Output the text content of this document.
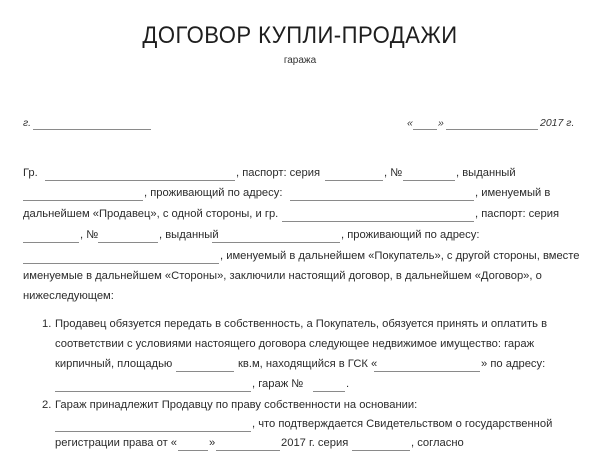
ДОГОВОР КУПЛИ-ПРОДАЖИ
гаража
г.	« »	2017 г.
Гр.	, паспорт: серия	, №	, выданный
, проживающий по адресу:	, именуемый в
дальнейшем «Продавец», с одной стороны, и гр.	, паспорт: серия
, №	, выданный	, проживающий по адресу:
, именуемый в дальнейшем «Покупатель», с другой стороны, вместе
именуемые в дальнейшем «Стороны», заключили настоящий договор, в дальнейшем «Договор», о
нижеследующем:
1. Продавец обязуется передать в собственность, а Покупатель, обязуется принять и оплатить в
соответствии с условиями настоящего договора следующее недвижимое имущество: гараж
кирпичный, площадью	кв.м, находящийся в ГСК «	» по адресу:
, гараж №	.
2. Гараж принадлежит Продавцу по праву собственности на основании:
, что подтверждается Свидетельством о государственной
регистрации права от «	»	2017 г. серия	, согласно
